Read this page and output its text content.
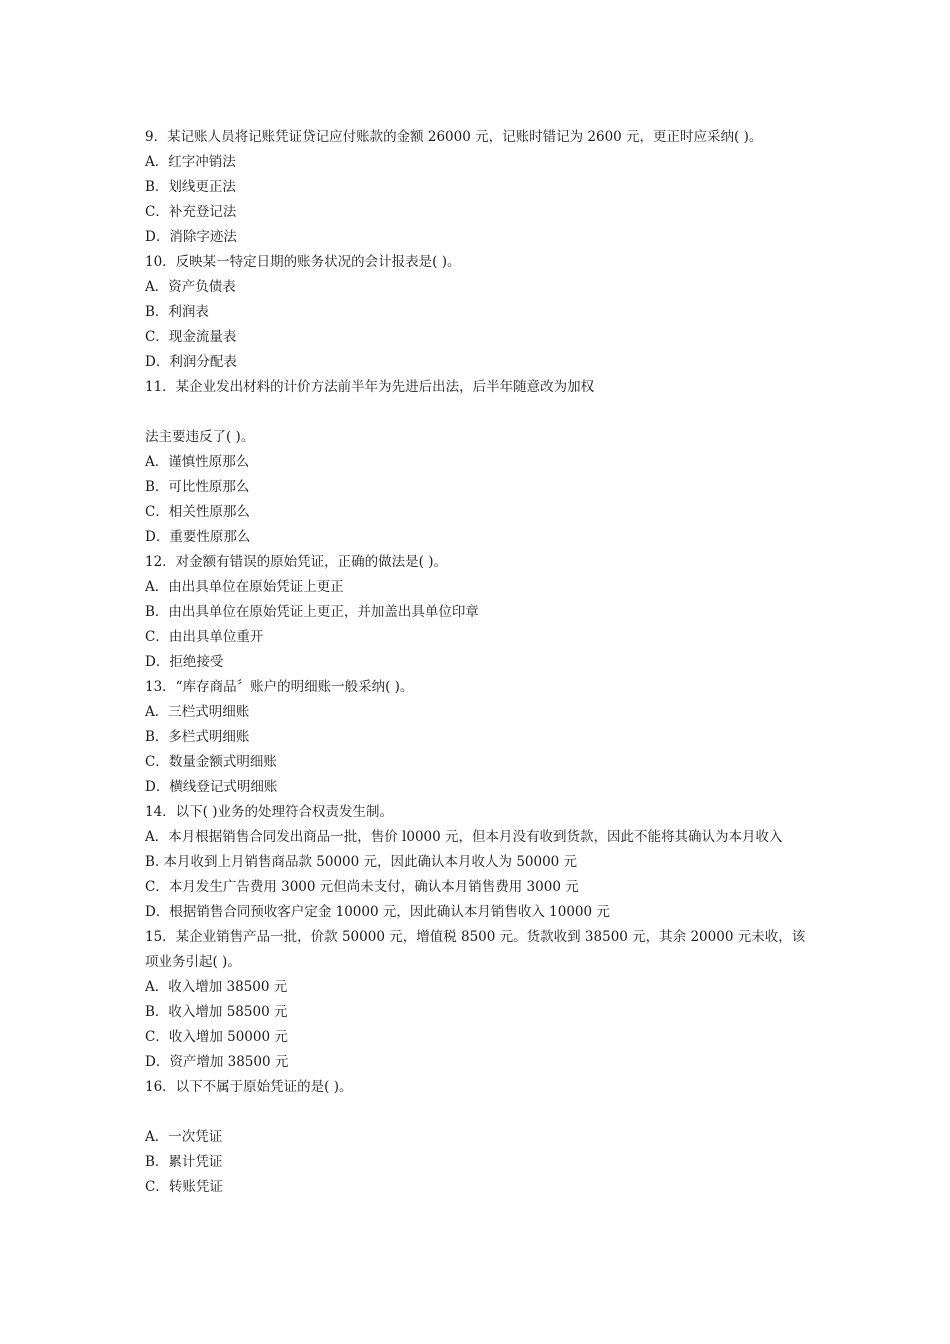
9．某记账人员将记账凭证贷记应付账款的金额 26000 元，记账时错记为 2600 元，更正时应采纳( )。
A．红字冲销法
B．划线更正法
C．补充登记法
D．消除字迹法
10．反映某一特定日期的账务状况的会计报表是( )。
A．资产负债表
B．利润表
C．现金流量表
D．利润分配表
11．某企业发出材料的计价方法前半年为先进后出法，后半年随意改为加权
法主要违反了( )。
A．谨慎性原那么
B．可比性原那么
C．相关性原那么
D．重要性原那么
12．对金额有错误的原始凭证，正确的做法是( )。
A．由出具单位在原始凭证上更正
B．由出具单位在原始凭证上更正，并加盖出具单位印章
C．由出具单位重开
D．拒绝接受
13．“库存商品〞账户的明细账一般采纳( )。
A．三栏式明细账
B．多栏式明细账
C．数量金额式明细账
D．横线登记式明细账
14．以下( )业务的处理符合权责发生制。
A．本月根据销售合同发出商品一批，售价 l0000 元，但本月没有收到货款，因此不能将其确认为本月收入
B. 本月收到上月销售商品款 50000 元，因此确认本月收人为 50000 元
C．本月发生广告费用 3000 元但尚未支付，确认本月销售费用 3000 元
D．根据销售合同预收客户定金 10000 元，因此确认本月销售收入 10000 元
15．某企业销售产品一批，价款 50000 元，增值税 8500 元。货款收到 38500 元，其余 20000 元未收，该项业务引起( )。
A．收入增加 38500 元
B．收入增加 58500 元
C．收入增加 50000 元
D．资产增加 38500 元
16．以下不属于原始凭证的是( )。
A．一次凭证
B．累计凭证
C．转账凭证
